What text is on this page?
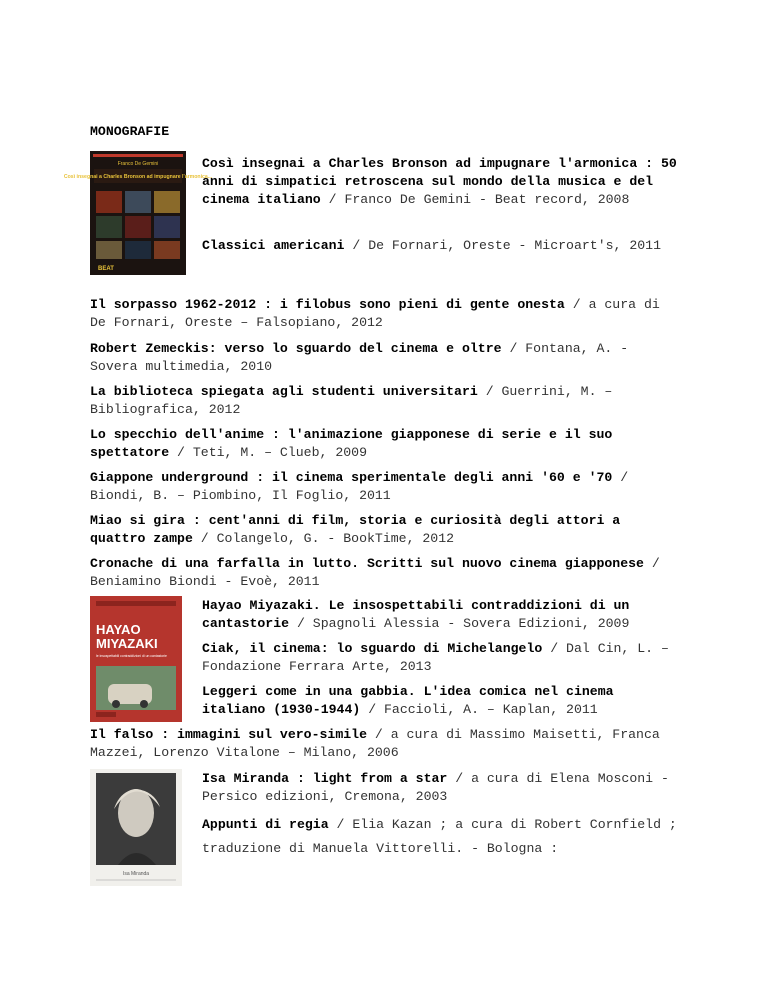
MONOGRAFIE
Franco De Gemini
Così insegnai a Charles Bronson ad impugnare l'armonica...
BEAT

Così insegnai a Charles Bronson ad impugnare l'armonica : 50 anni di simpatici retroscena sul mondo della musica e del cinema italiano / Franco De Gemini - Beat record, 2008

Classici americani / De Fornari, Oreste - Microart's, 2011

Il sorpasso 1962-2012 : i filobus sono pieni di gente onesta / a cura di De Fornari, Oreste – Falsopiano, 2012

Robert Zemeckis: verso lo sguardo del cinema e oltre / Fontana, A. - Sovera multimedia, 2010

La biblioteca spiegata agli studenti universitari / Guerrini, M. – Bibliografica, 2012

Lo specchio dell'anime : l'animazione giapponese di serie e il suo spettatore / Teti, M. – Clueb, 2009

Giappone underground : il cinema sperimentale degli anni '60 e '70 / Biondi, B. – Piombino, Il Foglio, 2011

Miao si gira : cent'anni di film, storia e curiosità degli attori a quattro zampe / Colangelo, G. - BookTime, 2012

Cronache di una farfalla in lutto. Scritti sul nuovo cinema giapponese / Beniamino Biondi - Evoè, 2011

HAYAO
MIYAZAKI
le insospettabili contraddizioni di un cantastorie

Hayao Miyazaki. Le insospettabili contraddizioni di un cantastorie / Spagnoli Alessia - Sovera Edizioni, 2009

Ciak, il cinema: lo sguardo di Michelangelo / Dal Cin, L. – Fondazione Ferrara Arte, 2013

Leggeri come in una gabbia. L'idea comica nel cinema italiano (1930-1944) / Faccioli, A. – Kaplan, 2011

Il falso : immagini sul vero-simile / a cura di Massimo Maisetti, Franca Mazzei, Lorenzo Vitalone – Milano, 2006

Isa Miranda

Isa Miranda : light from a star / a cura di Elena Mosconi - Persico edizioni, Cremona, 2003

Appunti di regia / Elia Kazan ; a cura di Robert Cornfield ; traduzione di Manuela Vittorelli. - Bologna :
